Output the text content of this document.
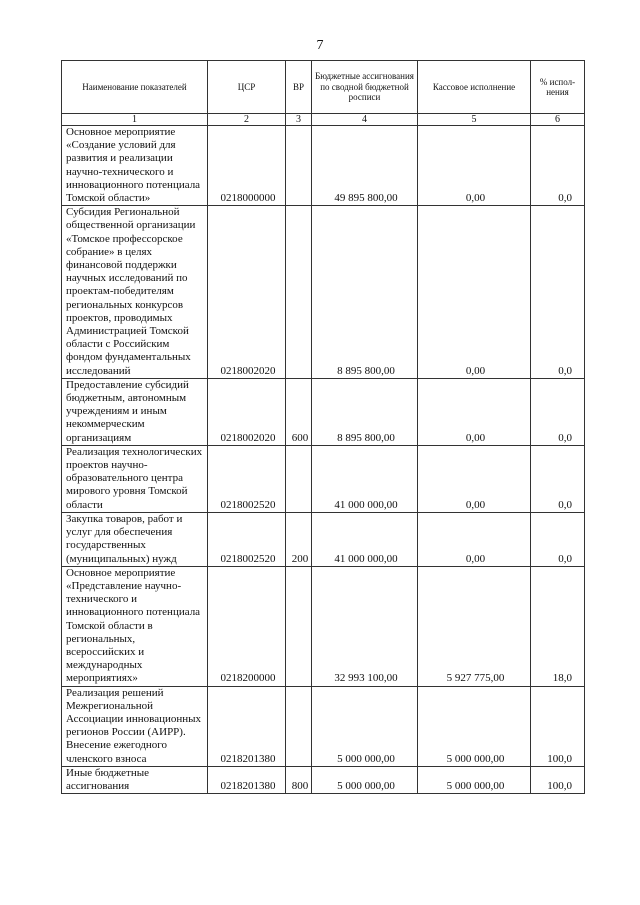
7
Наименование показателей	ЦСР	ВР	Бюджетные ассигнования по сводной бюджетной росписи	Кассовое исполнение	% испол-нения
1	2	3	4	5	6
Основное мероприятие «Создание условий для развития и реализации научно-технического и инновационного потенциала Томской области»	0218000000		49 895 800,00	0,00	0,0
Субсидия Региональной общественной организации «Томское профессорское собрание» в целях финансовой поддержки научных исследований по проектам-победителям региональных конкурсов проектов, проводимых Администрацией Томской области с Российским фондом фундаментальных исследований	0218002020		8 895 800,00	0,00	0,0
Предоставление субсидий бюджетным, автономным учреждениям и иным некоммерческим организациям	0218002020	600	8 895 800,00	0,00	0,0
Реализация технологических проектов научно-образовательного центра мирового уровня Томской области	0218002520		41 000 000,00	0,00	0,0
Закупка товаров, работ и услуг для обеспечения государственных (муниципальных) нужд	0218002520	200	41 000 000,00	0,00	0,0
Основное мероприятие «Представление научно-технического и инновационного потенциала Томской области в региональных, всероссийских и международных мероприятиях»	0218200000		32 993 100,00	5 927 775,00	18,0
Реализация решений Межрегиональной Ассоциации инновационных регионов России (АИРР). Внесение ежегодного членского взноса	0218201380		5 000 000,00	5 000 000,00	100,0
Иные бюджетные ассигнования	0218201380	800	5 000 000,00	5 000 000,00	100,0
